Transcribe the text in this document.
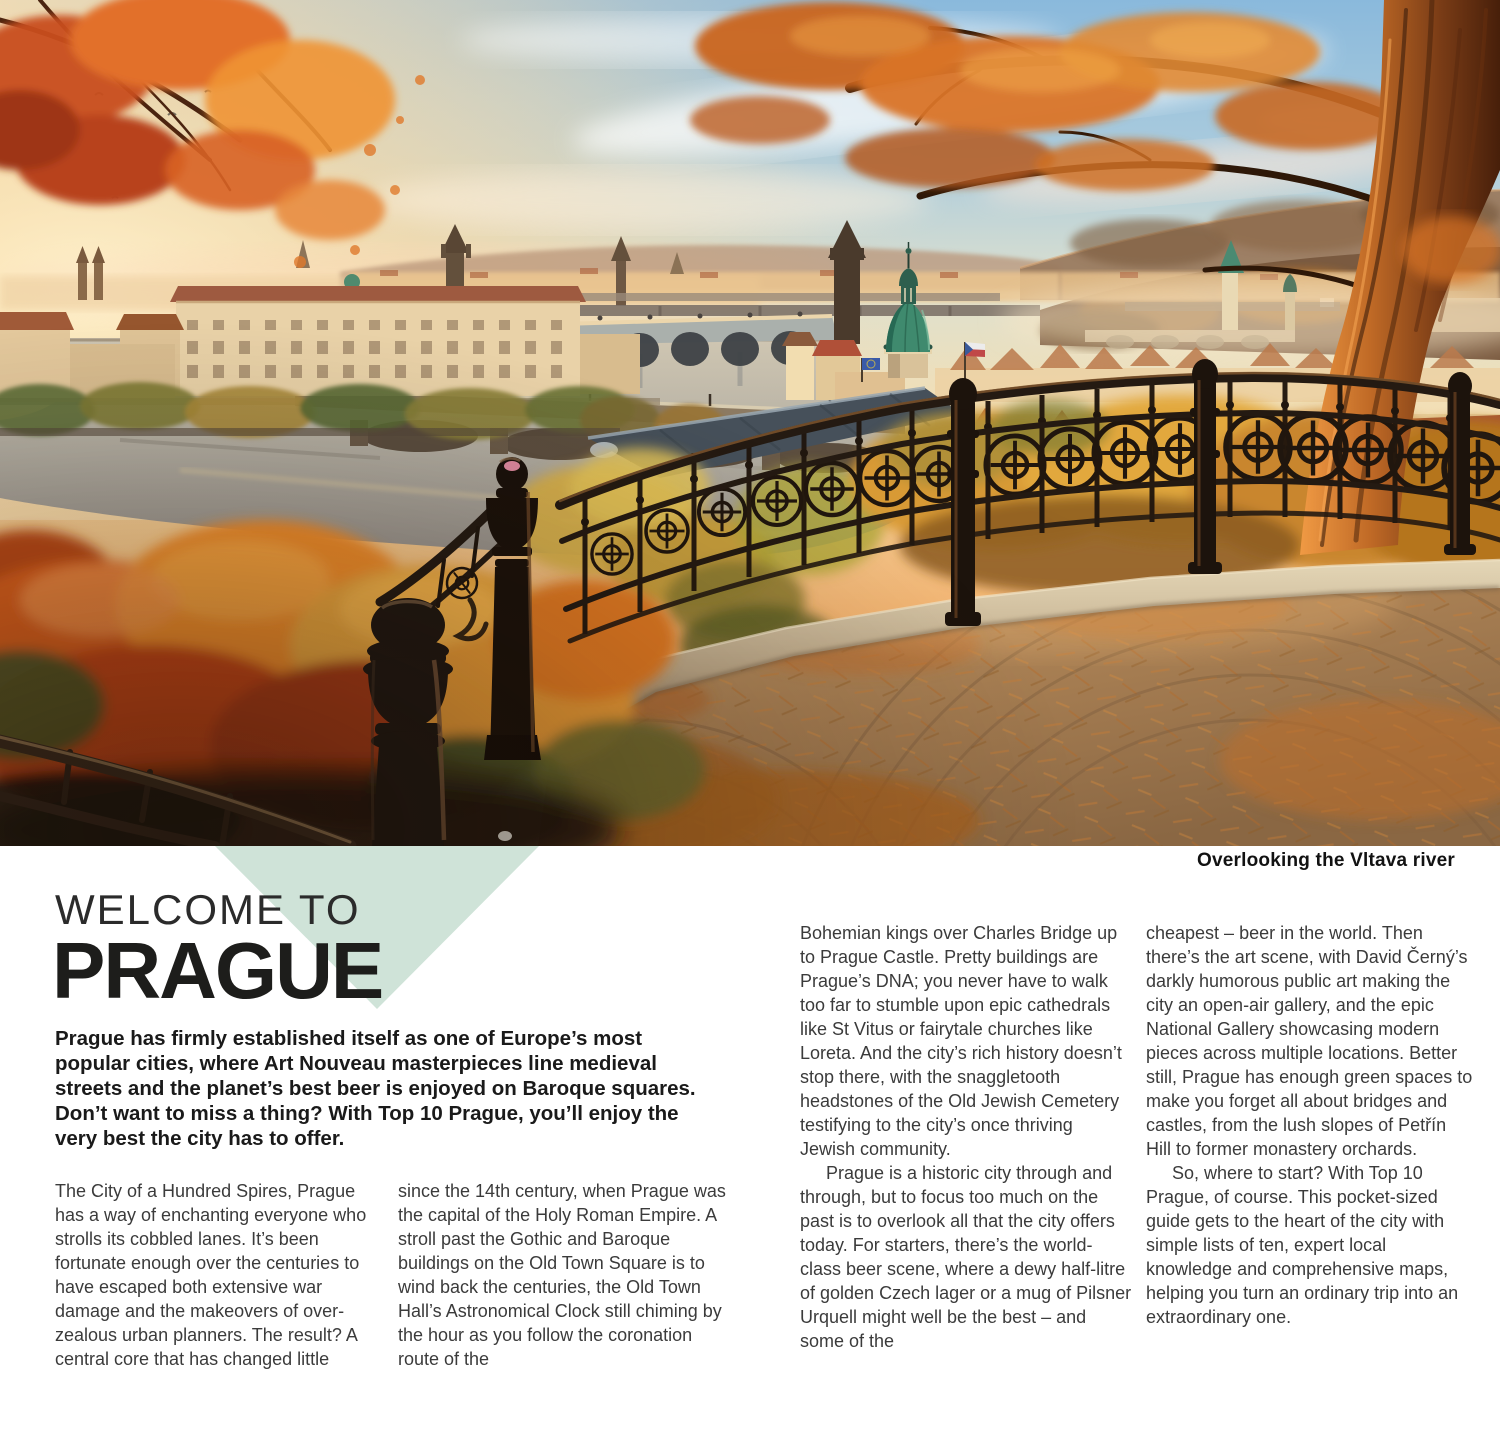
Overlooking the Vltava river
WELCOME TO
PRAGUE

Prague has firmly established itself as one of Europe’s most popular cities, where Art Nouveau masterpieces line medieval streets and the planet’s best beer is enjoyed on Baroque squares. Don’t want to miss a thing? With Top 10 Prague, you’ll enjoy the very best the city has to offer.

The City of a Hundred Spires, Prague has a way of enchanting everyone who strolls its cobbled lanes. It’s been fortunate enough over the centuries to have escaped both extensive war damage and the makeovers of over-zealous urban planners. The result? A central core that has changed little

since the 14th century, when Prague was the capital of the Holy Roman Empire. A stroll past the Gothic and Baroque buildings on the Old Town Square is to wind back the centuries, the Old Town Hall’s Astronomical Clock still chiming by the hour as you follow the coronation route of the

Bohemian kings over Charles Bridge up to Prague Castle. Pretty buildings are Prague’s DNA; you never have to walk too far to stumble upon epic cathedrals like St Vitus or fairytale churches like Loreta. And the city’s rich history doesn’t stop there, with the snaggletooth headstones of the Old Jewish Cemetery testifying to the city’s once thriving Jewish community.

Prague is a historic city through and through, but to focus too much on the past is to overlook all that the city offers today. For starters, there’s the world-class beer scene, where a dewy half-litre of golden Czech lager or a mug of Pilsner Urquell might well be the best – and some of the

cheapest – beer in the world. Then there’s the art scene, with David Černý’s darkly humorous public art making the city an open-air gallery, and the epic National Gallery showcasing modern pieces across multiple locations. Better still, Prague has enough green spaces to make you forget all about bridges and castles, from the lush slopes of Petřín Hill to former monastery orchards.

So, where to start? With Top 10 Prague, of course. This pocket-sized guide gets to the heart of the city with simple lists of ten, expert local knowledge and comprehensive maps, helping you turn an ordinary trip into an extraordinary one.
